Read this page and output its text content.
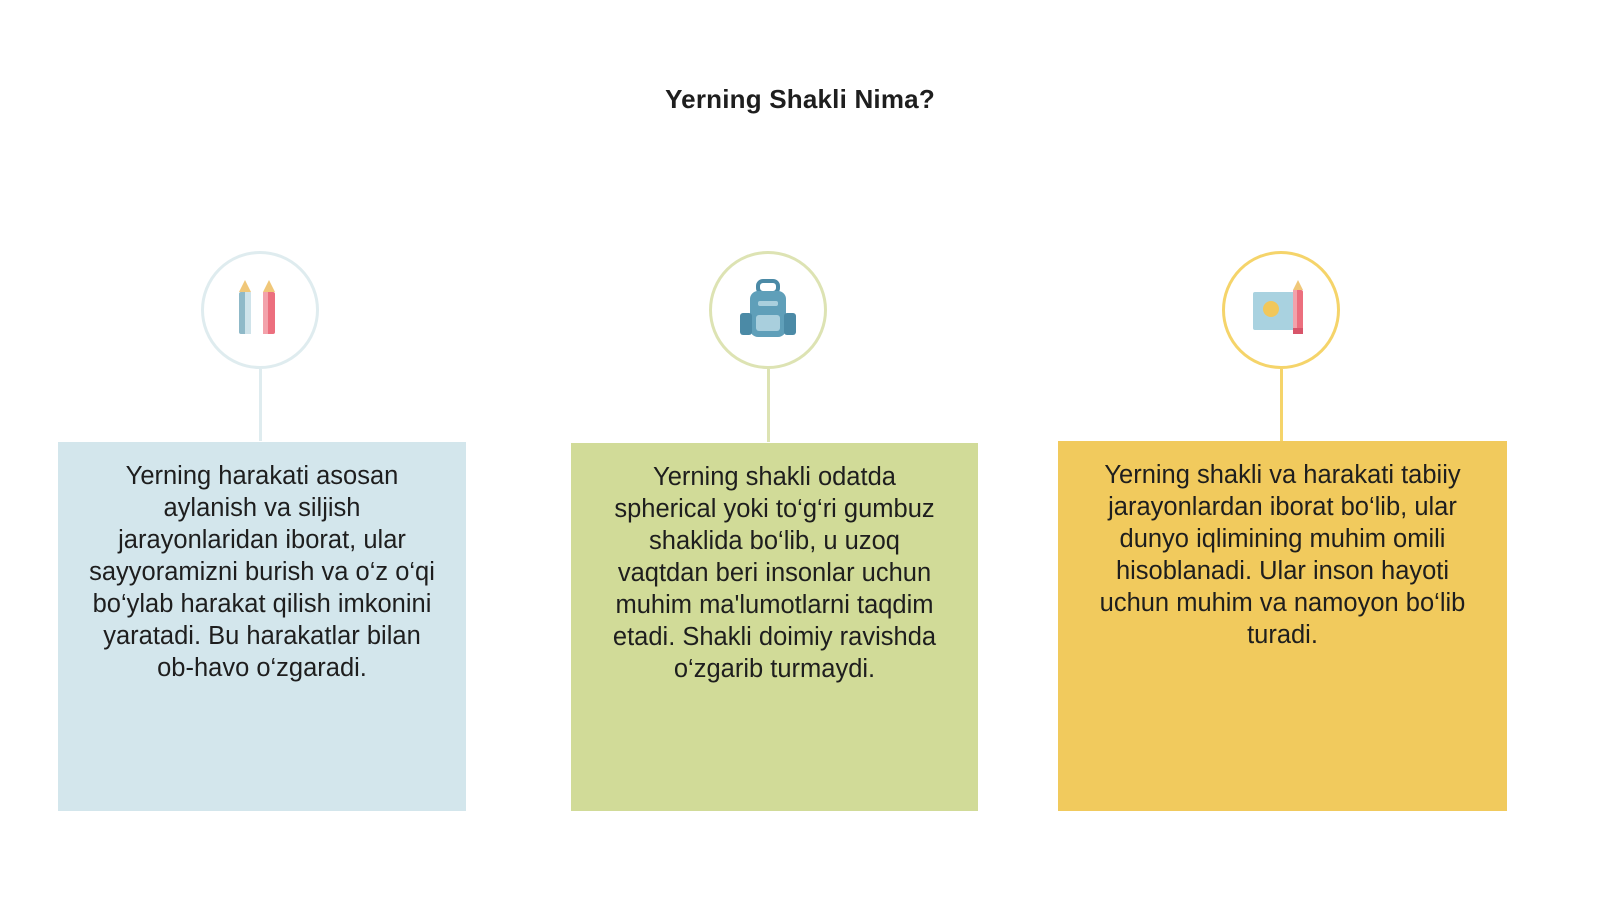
Yerning Shakli Nima?
Yerning harakati asosan aylanish va siljish jarayonlaridan iborat, ular sayyoramizni burish va o‘z o‘qi bo‘ylab harakat qilish imkonini yaratadi. Bu harakatlar bilan ob-havo o‘zgaradi.
Yerning shakli odatda spherical yoki to‘g‘ri gumbuz shaklida bo‘lib, u uzoq vaqtdan beri insonlar uchun muhim ma'lumotlarni taqdim etadi. Shakli doimiy ravishda o‘zgarib turmaydi.
Yerning shakli va harakati tabiiy jarayonlardan iborat bo‘lib, ular dunyo iqlimining muhim omili hisoblanadi. Ular inson hayoti uchun muhim va namoyon bo‘lib turadi.
